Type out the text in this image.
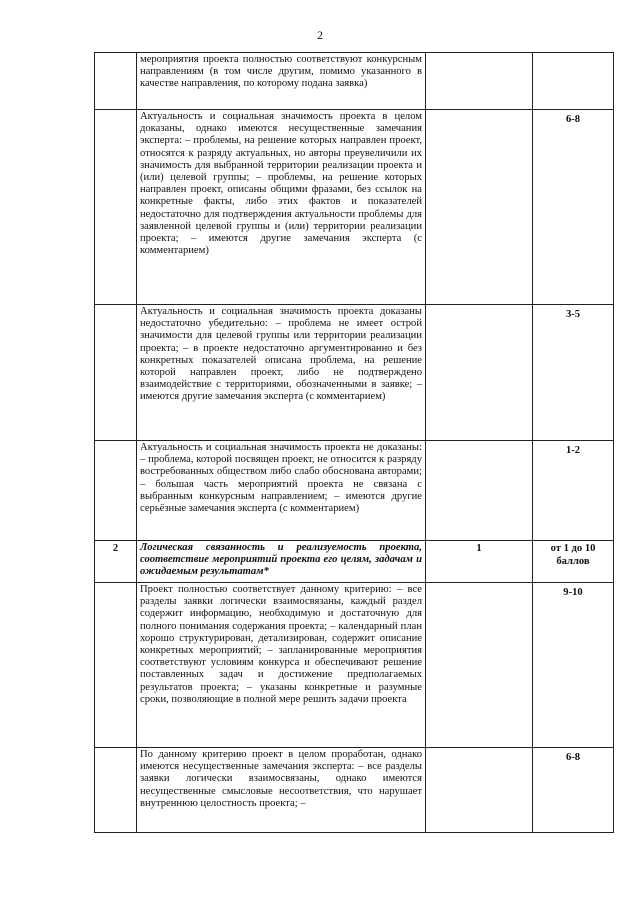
2

	мероприятия проекта полностью соответствуют конкурсным направлениям (в том числе другим, помимо указанного в качестве направления, по которому подана заявка)		

	Актуальность и социальная значимость проекта в целом доказаны, однако имеются несущественные замечания эксперта: – проблемы, на решение которых направлен проект, относятся к разряду актуальных, но авторы преувеличили их значимость для выбранной территории реализации проекта и (или) целевой группы; – проблемы, на решение которых направлен проект, описаны общими фразами, без ссылок на конкретные факты, либо этих фактов и показателей недостаточно для подтверждения актуальности проблемы для заявленной целевой группы и (или) территории реализации проекта; – имеются другие замечания эксперта (с комментарием)		6-8

	Актуальность и социальная значимость проекта доказаны недостаточно убедительно: – проблема не имеет острой значимости для целевой группы или территории реализации проекта; – в проекте недостаточно аргументированно и без конкретных показателей описана проблема, на решение которой направлен проект, либо не подтверждено взаимодействие с территориями, обозначенными в заявке; – имеются другие замечания эксперта (с комментарием)		3-5

	Актуальность и социальная значимость проекта не доказаны: – проблема, которой посвящен проект, не относится к разряду востребованных обществом либо слабо обоснована авторами; – большая часть мероприятий проекта не связана с выбранным конкурсным направлением; – имеются другие серьёзные замечания эксперта (с комментарием)		1-2

2	Логическая связанность и реализуемость проекта, соответствие мероприятий проекта его целям, задачам и ожидаемым результатам*	1	от 1 до 10 баллов

	Проект полностью соответствует данному критерию: – все разделы заявки логически взаимосвязаны, каждый раздел содержит информацию, необходимую и достаточную для полного понимания содержания проекта; – календарный план хорошо структурирован, детализирован, содержит описание конкретных мероприятий; – запланированные мероприятия соответствуют условиям конкурса и обеспечивают решение поставленных задач и достижение предполагаемых результатов проекта; – указаны конкретные и разумные сроки, позволяющие в полной мере решить задачи проекта		9-10

	По данному критерию проект в целом проработан, однако имеются несущественные замечания эксперта: – все разделы заявки логически взаимосвязаны, однако имеются несущественные смысловые несоответствия, что нарушает внутреннюю целостность проекта; –		6-8
